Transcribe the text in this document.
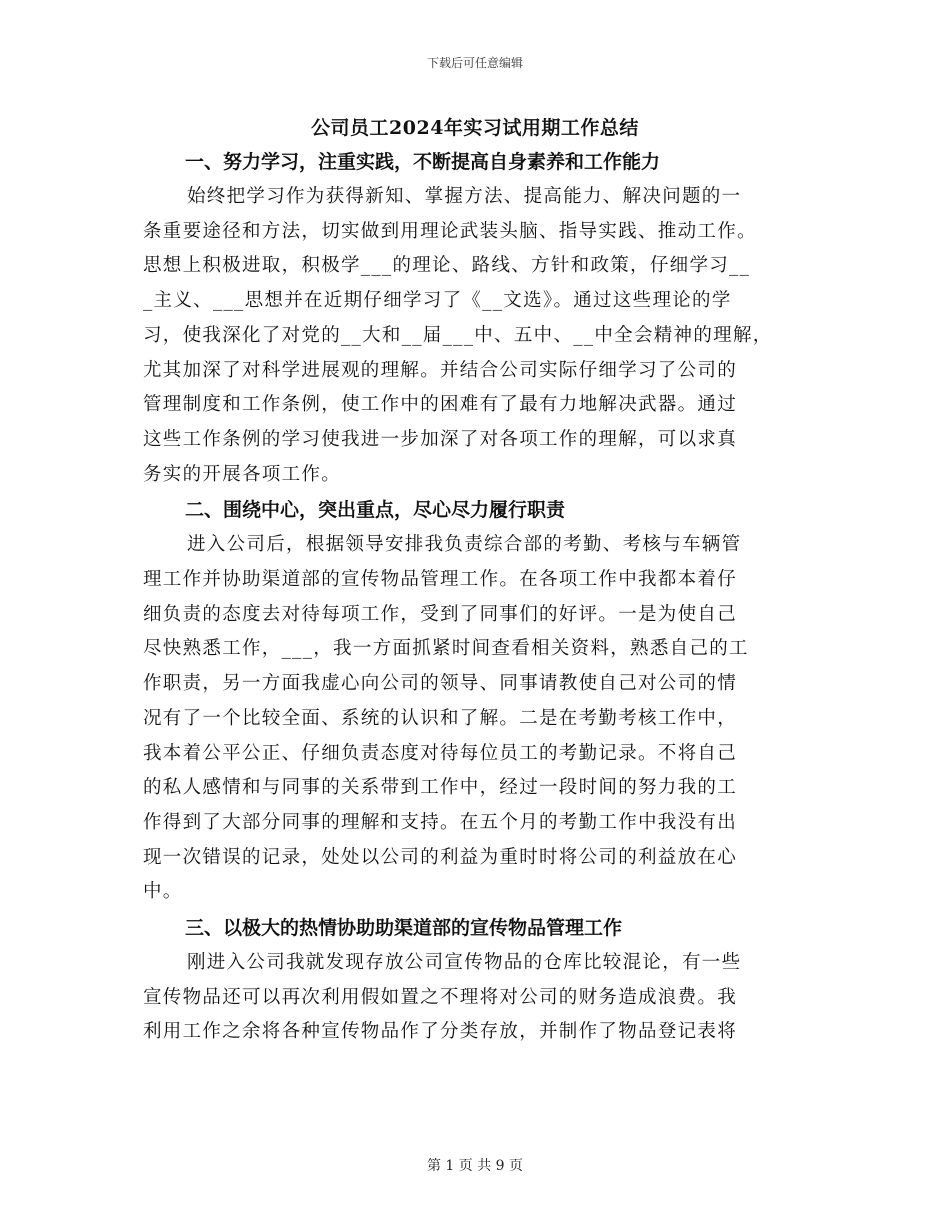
下载后可任意编辑
公司员工2024年实习试用期工作总结

一、努力学习，注重实践，不断提高自身素养和工作能力

始终把学习作为获得新知、掌握方法、提高能力、解决问题的一

条重要途径和方法，切实做到用理论武装头脑、指导实践、推动工作。

思想上积极进取，积极学___的理论、路线、方针和政策，仔细学习__

_主义、___思想并在近期仔细学习了《__文选》。通过这些理论的学

习，使我深化了对党的__大和__届___中、五中、__中全会精神的理解，

尤其加深了对科学进展观的理解。并结合公司实际仔细学习了公司的

管理制度和工作条例，使工作中的困难有了最有力地解决武器。通过

这些工作条例的学习使我进一步加深了对各项工作的理解，可以求真

务实的开展各项工作。

二、围绕中心，突出重点，尽心尽力履行职责

进入公司后，根据领导安排我负责综合部的考勤、考核与车辆管

理工作并协助渠道部的宣传物品管理工作。在各项工作中我都本着仔

细负责的态度去对待每项工作，受到了同事们的好评。一是为使自己

尽快熟悉工作，___，我一方面抓紧时间查看相关资料，熟悉自己的工

作职责，另一方面我虚心向公司的领导、同事请教使自己对公司的情

况有了一个比较全面、系统的认识和了解。二是在考勤考核工作中，

我本着公平公正、仔细负责态度对待每位员工的考勤记录。不将自己

的私人感情和与同事的关系带到工作中，经过一段时间的努力我的工

作得到了大部分同事的理解和支持。在五个月的考勤工作中我没有出

现一次错误的记录，处处以公司的利益为重时时将公司的利益放在心

中。

三、以极大的热情协助助渠道部的宣传物品管理工作

刚进入公司我就发现存放公司宣传物品的仓库比较混论，有一些

宣传物品还可以再次利用假如置之不理将对公司的财务造成浪费。我

利用工作之余将各种宣传物品作了分类存放，并制作了物品登记表将

第 1 页 共 9 页
